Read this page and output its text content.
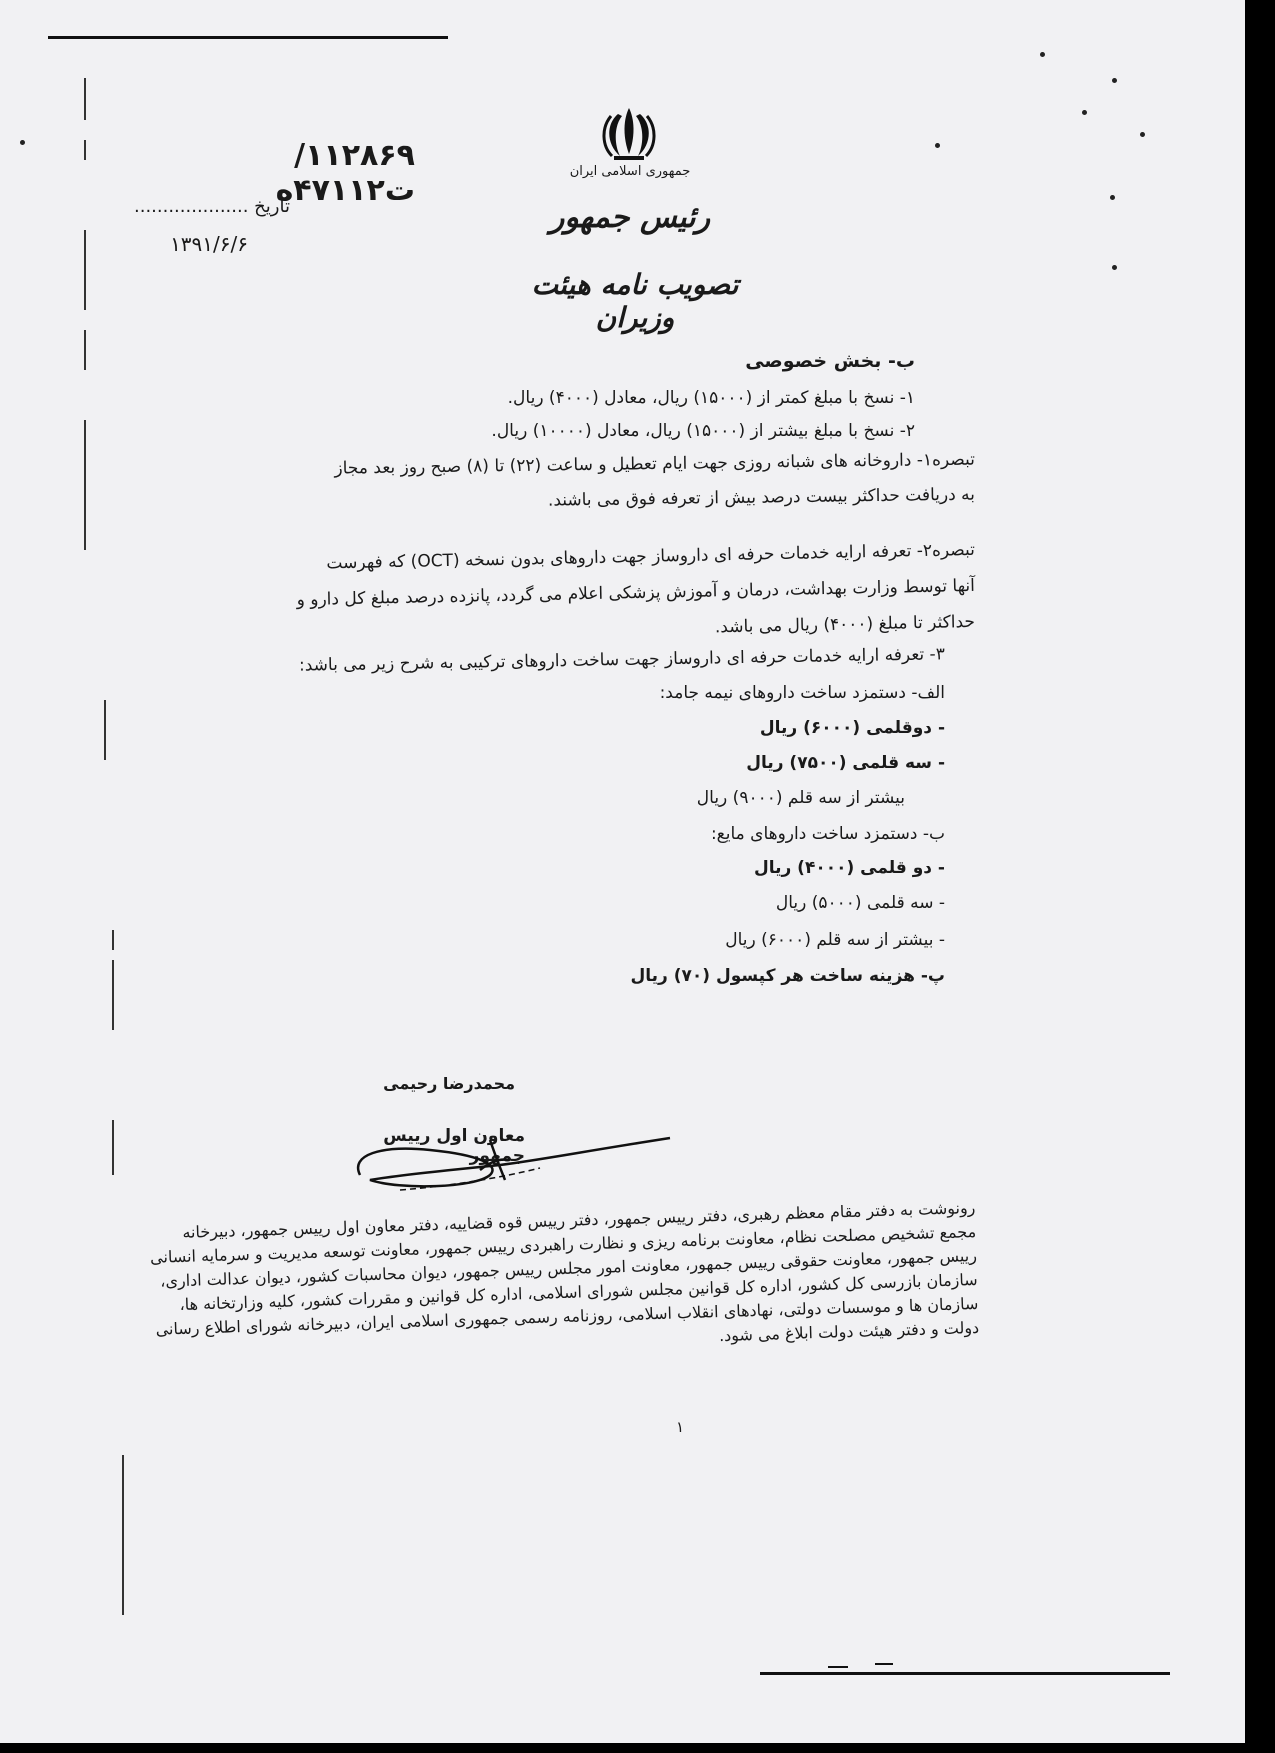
۱۱۲۸۶۹/ت۴۷۱۱۲ه
تاریخ ....................
۱۳۹۱/۶/۶
جمهوری اسلامی ایران
رئیس جمهور
تصویب نامه هیئت وزیران
ب- بخش خصوصی
۱- نسخ با مبلغ کمتر از (۱۵۰۰۰) ریال، معادل (۴۰۰۰) ریال.
۲- نسخ با مبلغ بیشتر از (۱۵۰۰۰) ریال، معادل (۱۰۰۰۰) ریال.
تبصره۱- داروخانه های شبانه روزی جهت ایام تعطیل و ساعت (۲۲) تا (۸) صبح روز بعد مجاز
به دریافت حداکثر بیست درصد بیش از تعرفه فوق می باشند.
تبصره۲- تعرفه ارایه خدمات حرفه ای داروساز جهت داروهای بدون نسخه (OCT) که فهرست
آنها توسط وزارت بهداشت، درمان و آموزش پزشکی اعلام می گردد، پانزده درصد مبلغ کل دارو و
حداکثر تا مبلغ (۴۰۰۰) ریال می باشد.
۳- تعرفه ارایه خدمات حرفه ای داروساز جهت ساخت داروهای ترکیبی به شرح زیر می باشد:
الف- دستمزد ساخت داروهای نیمه جامد:
- دوقلمی (۶۰۰۰) ریال
- سه قلمی (۷۵۰۰) ریال
بیشتر از سه قلم (۹۰۰۰) ریال
ب- دستمزد ساخت داروهای مایع:
- دو قلمی (۴۰۰۰) ریال
- سه قلمی (۵۰۰۰) ریال
- بیشتر از سه قلم (۶۰۰۰) ریال
پ- هزینه ساخت هر کپسول (۷۰) ریال
محمدرضا رحیمی
معاون اول رییس جمهور
رونوشت به دفتر مقام معظم رهبری، دفتر رییس جمهور، دفتر رییس قوه قضاییه، دفتر معاون اول رییس جمهور، دبیرخانه مجمع تشخیص مصلحت نظام، معاونت برنامه ریزی و نظارت راهبردی رییس جمهور، معاونت توسعه مدیریت و سرمایه انسانی رییس جمهور، معاونت حقوقی رییس جمهور، معاونت امور مجلس رییس جمهور، دیوان محاسبات کشور، دیوان عدالت اداری، سازمان بازرسی کل کشور، اداره کل قوانین مجلس شورای اسلامی، اداره کل قوانین و مقررات کشور، کلیه وزارتخانه ها، سازمان ها و موسسات دولتی، نهادهای انقلاب اسلامی، روزنامه رسمی جمهوری اسلامی ایران، دبیرخانه شورای اطلاع رسانی دولت و دفتر هیئت دولت ابلاغ می شود.
۱
